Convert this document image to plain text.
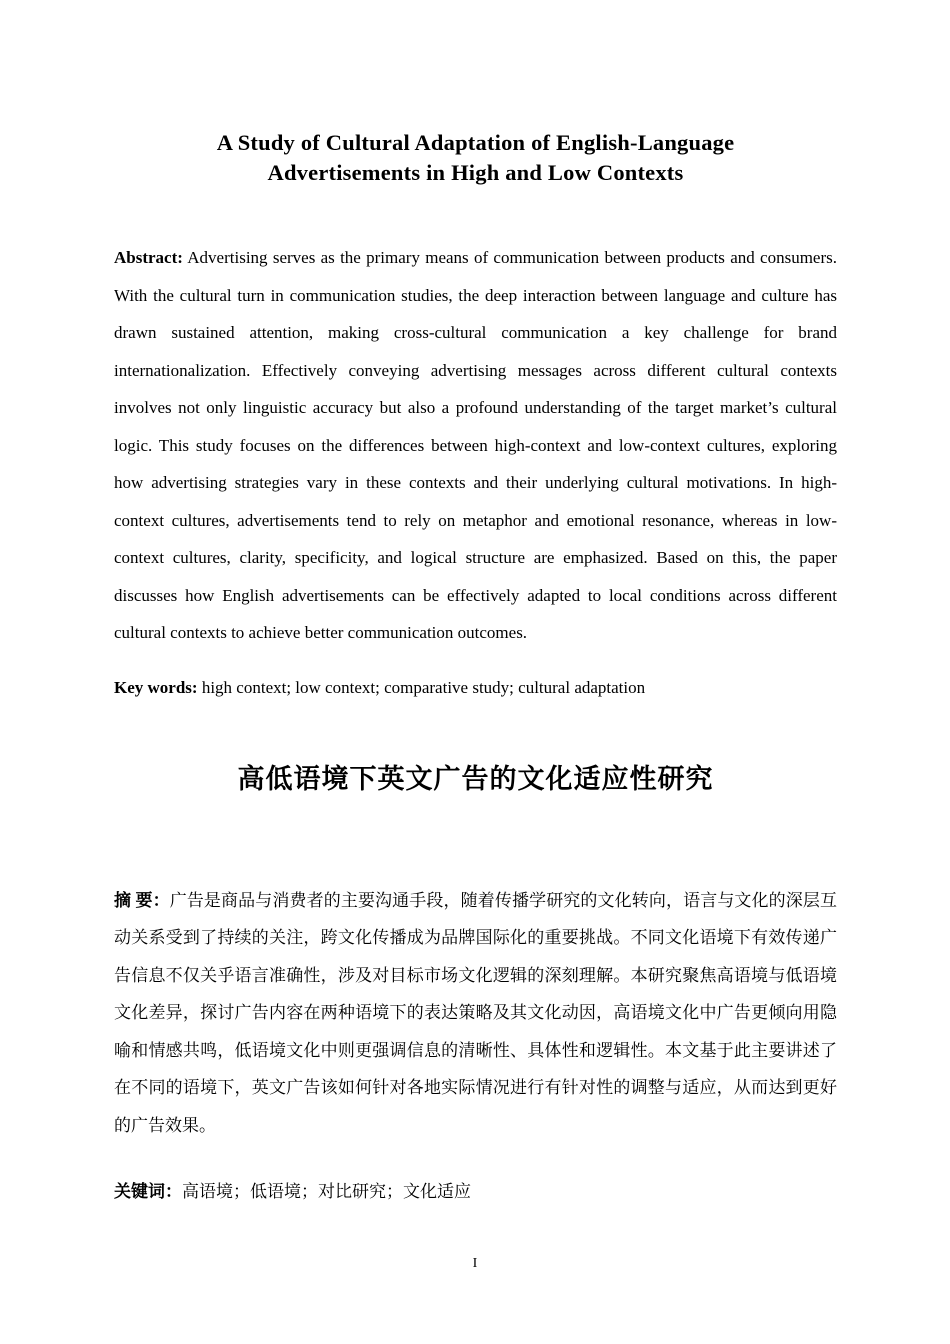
A Study of Cultural Adaptation of English-Language
Advertisements in High and Low Contexts

Abstract: Advertising serves as the primary means of communication between products and consumers. With the cultural turn in communication studies, the deep interaction between language and culture has drawn sustained attention, making cross-cultural communication a key challenge for brand internationalization. Effectively conveying advertising messages across different cultural contexts involves not only linguistic accuracy but also a profound understanding of the target market’s cultural logic. This study focuses on the differences between high-context and low-context cultures, exploring how advertising strategies vary in these contexts and their underlying cultural motivations. In high-context cultures, advertisements tend to rely on metaphor and emotional resonance, whereas in low-context cultures, clarity, specificity, and logical structure are emphasized. Based on this, the paper discusses how English advertisements can be effectively adapted to local conditions across different cultural contexts to achieve better communication outcomes.

Key words: high context; low context; comparative study; cultural adaptation

高低语境下英文广告的文化适应性研究

摘 要：广告是商品与消费者的主要沟通手段，随着传播学研究的文化转向，语言与文化的深层互动关系受到了持续的关注，跨文化传播成为品牌国际化的重要挑战。不同文化语境下有效传递广告信息不仅关乎语言准确性，涉及对目标市场文化逻辑的深刻理解。本研究聚焦高语境与低语境文化差异，探讨广告内容在两种语境下的表达策略及其文化动因，高语境文化中广告更倾向用隐喻和情感共鸣，低语境文化中则更强调信息的清晰性、具体性和逻辑性。本文基于此主要讲述了在不同的语境下，英文广告该如何针对各地实际情况进行有针对性的调整与适应，从而达到更好的广告效果。

关键词：高语境；低语境；对比研究；文化适应

I
